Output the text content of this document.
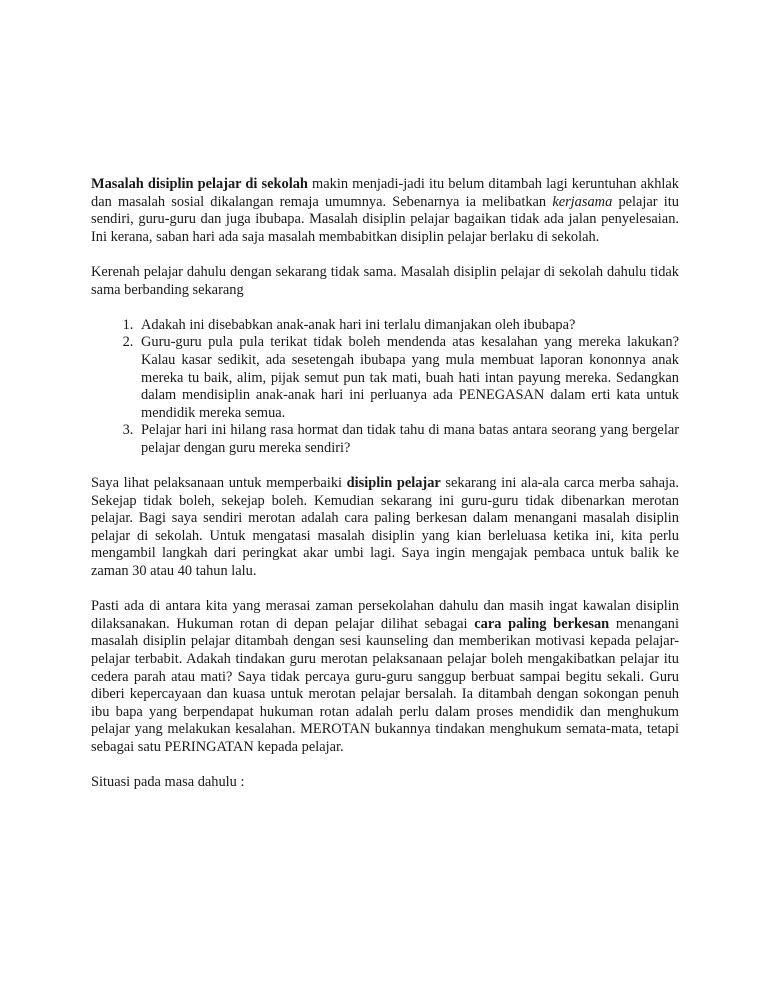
Masalah disiplin pelajar di sekolah makin menjadi-jadi itu belum ditambah lagi keruntuhan akhlak dan masalah sosial dikalangan remaja umumnya. Sebenarnya ia melibatkan kerjasama pelajar itu sendiri, guru-guru dan juga ibubapa. Masalah disiplin pelajar bagaikan tidak ada jalan penyelesaian. Ini kerana, saban hari ada saja masalah membabitkan disiplin pelajar berlaku di sekolah.

Kerenah pelajar dahulu dengan sekarang tidak sama. Masalah disiplin pelajar di sekolah dahulu tidak sama berbanding sekarang

1. Adakah ini disebabkan anak-anak hari ini terlalu dimanjakan oleh ibubapa?
2. Guru-guru pula pula terikat tidak boleh mendenda atas kesalahan yang mereka lakukan? Kalau kasar sedikit, ada sesetengah ibubapa yang mula membuat laporan kononnya anak mereka tu baik, alim, pijak semut pun tak mati, buah hati intan payung mereka. Sedangkan dalam mendisiplin anak-anak hari ini perluanya ada PENEGASAN dalam erti kata untuk mendidik mereka semua.
3. Pelajar hari ini hilang rasa hormat dan tidak tahu di mana batas antara seorang yang bergelar pelajar dengan guru mereka sendiri?

Saya lihat pelaksanaan untuk memperbaiki disiplin pelajar sekarang ini ala-ala carca merba sahaja. Sekejap tidak boleh, sekejap boleh. Kemudian sekarang ini guru-guru tidak dibenarkan merotan pelajar. Bagi saya sendiri merotan adalah cara paling berkesan dalam menangani masalah disiplin pelajar di sekolah. Untuk mengatasi masalah disiplin yang kian berleluasa ketika ini, kita perlu mengambil langkah dari peringkat akar umbi lagi. Saya ingin mengajak pembaca untuk balik ke zaman 30 atau 40 tahun lalu.

Pasti ada di antara kita yang merasai zaman persekolahan dahulu dan masih ingat kawalan disiplin dilaksanakan. Hukuman rotan di depan pelajar dilihat sebagai cara paling berkesan menangani masalah disiplin pelajar ditambah dengan sesi kaunseling dan memberikan motivasi kepada pelajar-pelajar terbabit. Adakah tindakan guru merotan pelaksanaan pelajar boleh mengakibatkan pelajar itu cedera parah atau mati? Saya tidak percaya guru-guru sanggup berbuat sampai begitu sekali. Guru diberi kepercayaan dan kuasa untuk merotan pelajar bersalah. Ia ditambah dengan sokongan penuh ibu bapa yang berpendapat hukuman rotan adalah perlu dalam proses mendidik dan menghukum pelajar yang melakukan kesalahan. MEROTAN bukannya tindakan menghukum semata-mata, tetapi sebagai satu PERINGATAN kepada pelajar.

Situasi pada masa dahulu :
